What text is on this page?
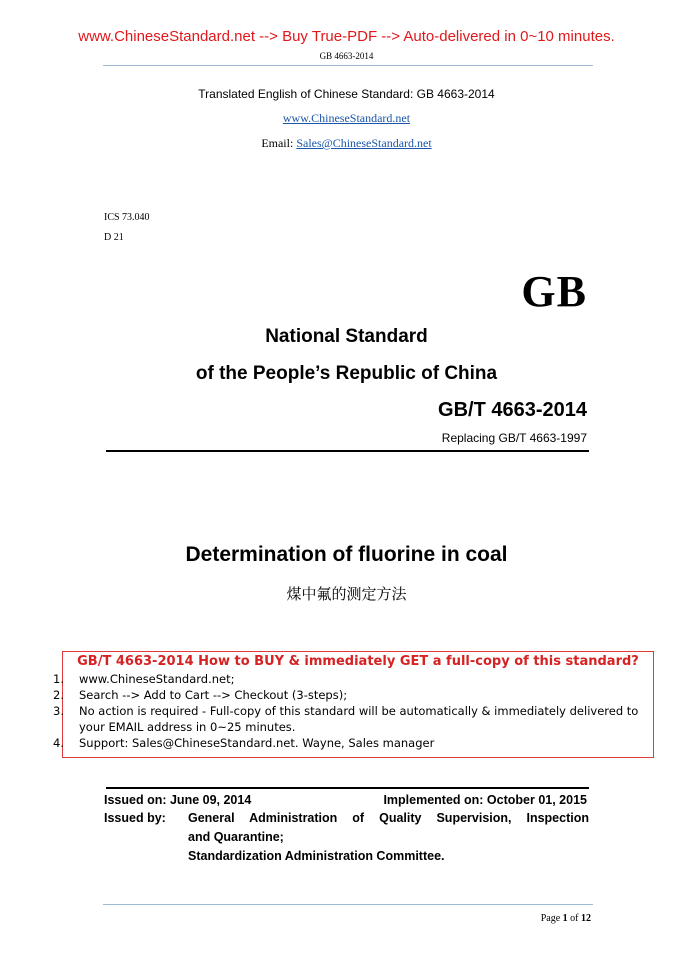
www.ChineseStandard.net --> Buy True-PDF --> Auto-delivered in 0~10 minutes.
GB 4663-2014
Translated English of Chinese Standard: GB 4663-2014
www.ChineseStandard.net
Email: Sales@ChineseStandard.net
ICS 73.040
D 21
GB
National Standard
of the People’s Republic of China
GB/T 4663-2014
Replacing GB/T 4663-1997
Determination of fluorine in coal
煤中氟的测定方法
GB/T 4663-2014 How to BUY & immediately GET a full-copy of this standard?
1. www.ChineseStandard.net;
2. Search --> Add to Cart --> Checkout (3-steps);
3. No action is required - Full-copy of this standard will be automatically & immediately delivered to your EMAIL address in 0~25 minutes.
4. Support: Sales@ChineseStandard.net. Wayne, Sales manager
Issued on: June 09, 2014	Implemented on: October 01, 2015
Issued by: General Administration of Quality Supervision, Inspection
and Quarantine;
Standardization Administration Committee.
Page 1 of 12
